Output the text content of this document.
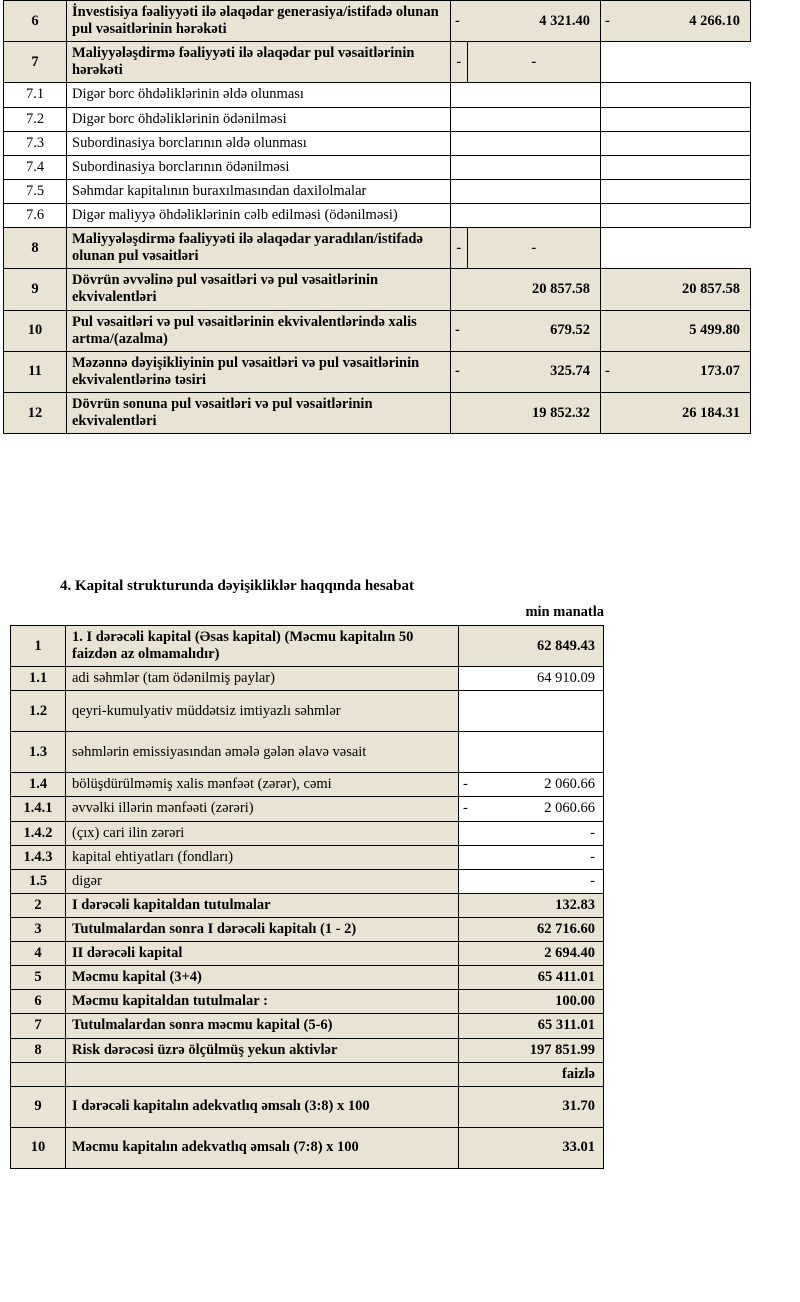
6	İnvestisiya fəaliyyəti ilə əlaqədar generasiya/istifadə olunan pul vəsaitlərinin hərəkəti	-	4 321.40	-	4 266.10
7	Maliyyələşdirmə fəaliyyəti ilə əlaqədar pul vəsaitlərinin hərəkəti	-	-		
7.1	Digər borc öhdəliklərinin əldə olunması				
7.2	Digər borc öhdəliklərinin ödənilməsi				
7.3	Subordinasiya borclarının əldə olunması				
7.4	Subordinasiya borclarının ödənilməsi				
7.5	Səhmdar kapitalının buraxılmasından daxilolmalar				
7.6	Digər maliyyə öhdəliklərinin cəlb edilməsi (ödənilməsi)				
8	Maliyyələşdirmə fəaliyyəti ilə əlaqədar yaradılan/istifadə olunan pul vəsaitləri	-	-		
9	Dövrün əvvəlinə pul vəsaitləri və pul vəsaitlərinin ekvivalentləri		20 857.58		20 857.58
10	Pul vəsaitləri və pul vəsaitlərinin ekvivalentlərində xalis artma/(azalma)	-	679.52		5 499.80
11	Məzənnə dəyişikliyinin pul vəsaitləri və pul vəsaitlərinin ekvivalentlərinə təsiri	-	325.74	-	173.07
12	Dövrün sonuna pul vəsaitləri və pul vəsaitlərinin ekvivalentləri		19 852.32		26 184.31
4. Kapital strukturunda dəyişikliklər haqqında hesabat
min manatla
1	1. I dərəcəli kapital (Əsas kapital) (Məcmu kapitalın 50 faizdən az olmamalıdır)	62 849.43	
1.1	adi səhmlər (tam ödənilmiş paylar)	64 910.09	
1.2	qeyri-kumulyativ müddətsiz imtiyazlı səhmlər		
1.3	səhmlərin emissiyasından əmələ gələn əlavə vəsait		
1.4	bölüşdürülməmiş xalis mənfəət (zərər), cəmi	-	2 060.66
1.4.1	əvvəlki illərin mənfəəti (zərəri)	-	2 060.66
1.4.2	(çıx) cari ilin zərəri	-	
1.4.3	kapital ehtiyatları (fondları)	-	
1.5	digər	-	
2	I dərəcəli kapitaldan tutulmalar	132.83	
3	Tutulmalardan sonra I dərəcəli kapitalı (1 - 2)	62 716.60	
4	II dərəcəli kapital	2 694.40	
5	Məcmu kapital (3+4)	65 411.01	
6	Məcmu kapitaldan tutulmalar :	100.00	
7	Tutulmalardan sonra məcmu kapital (5-6)	65 311.01	
8	Risk dərəcəsi üzrə ölçülmüş yekun aktivlər	197 851.99	
		faizlə	
9	I dərəcəli kapitalın adekvatlıq əmsalı (3:8) x 100	31.70	
10	Məcmu kapitalın adekvatlıq əmsalı (7:8) x 100	33.01	
